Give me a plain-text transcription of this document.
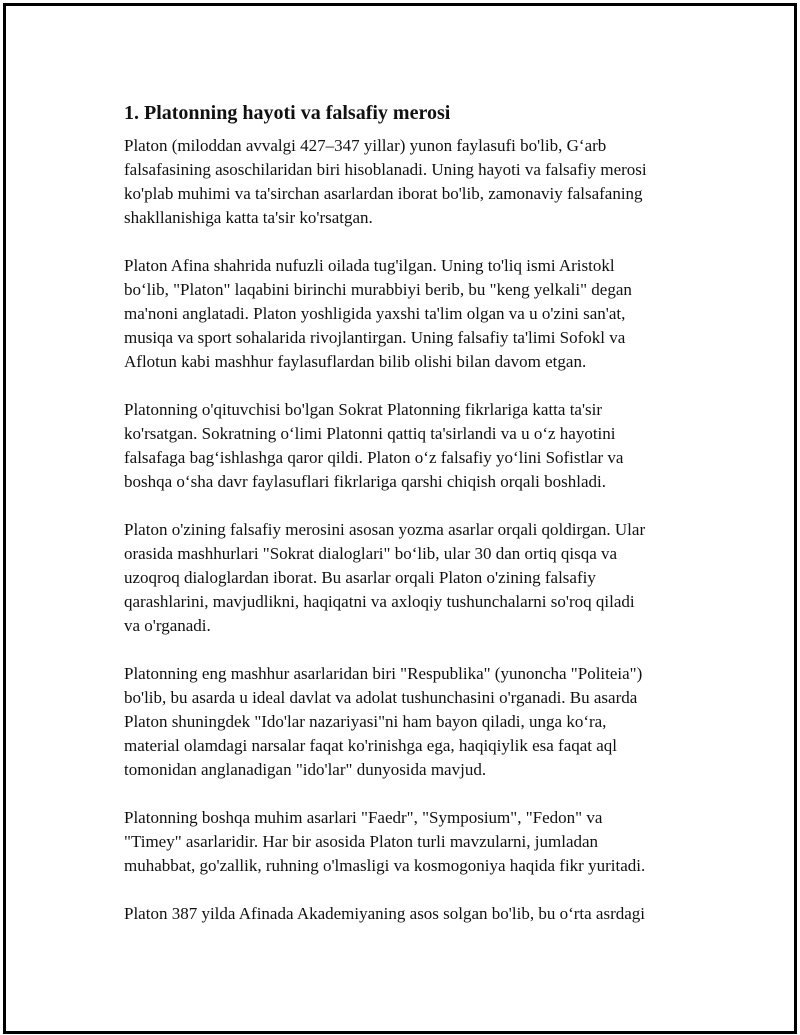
1. Platonning hayoti va falsafiy merosi

Platon (miloddan avvalgi 427–347 yillar) yunon faylasufi bo'lib, G‘arb
falsafasining asoschilaridan biri hisoblanadi. Uning hayoti va falsafiy merosi
ko'plab muhimi va ta'sirchan asarlardan iborat bo'lib, zamonaviy falsafaning
shakllanishiga katta ta'sir ko'rsatgan.

Platon Afina shahrida nufuzli oilada tug'ilgan. Uning to'liq ismi Aristokl
bo‘lib, "Platon" laqabini birinchi murabbiyi berib, bu "keng yelkali" degan
ma'noni anglatadi. Platon yoshligida yaxshi ta'lim olgan va u o'zini san'at,
musiqa va sport sohalarida rivojlantirgan. Uning falsafiy ta'limi Sofokl va
Aflotun kabi mashhur faylasuflardan bilib olishi bilan davom etgan.

Platonning o'qituvchisi bo'lgan Sokrat Platonning fikrlariga katta ta'sir
ko'rsatgan. Sokratning o‘limi Platonni qattiq ta'sirlandi va u o‘z hayotini
falsafaga bag‘ishlashga qaror qildi. Platon o‘z falsafiy yo‘lini Sofistlar va
boshqa o‘sha davr faylasuflari fikrlariga qarshi chiqish orqali boshladi.

Platon o'zining falsafiy merosini asosan yozma asarlar orqali qoldirgan. Ular
orasida mashhurlari "Sokrat dialoglari" bo‘lib, ular 30 dan ortiq qisqa va
uzoqroq dialoglardan iborat. Bu asarlar orqali Platon o'zining falsafiy
qarashlarini, mavjudlikni, haqiqatni va axloqiy tushunchalarni so'roq qiladi
va o'rganadi.

Platonning eng mashhur asarlaridan biri "Respublika" (yunoncha "Politeia")
bo'lib, bu asarda u ideal davlat va adolat tushunchasini o'rganadi. Bu asarda
Platon shuningdek "Ido'lar nazariyasi"ni ham bayon qiladi, unga ko‘ra,
material olamdagi narsalar faqat ko'rinishga ega, haqiqiylik esa faqat aql
tomonidan anglanadigan "ido'lar" dunyosida mavjud.

Platonning boshqa muhim asarlari "Faedr", "Symposium", "Fedon" va
"Timey" asarlaridir. Har bir asosida Platon turli mavzularni, jumladan
muhabbat, go'zallik, ruhning o'lmasligi va kosmogoniya haqida fikr yuritadi.

Platon 387 yilda Afinada Akademiyaning asos solgan bo'lib, bu o‘rta asrdagi
